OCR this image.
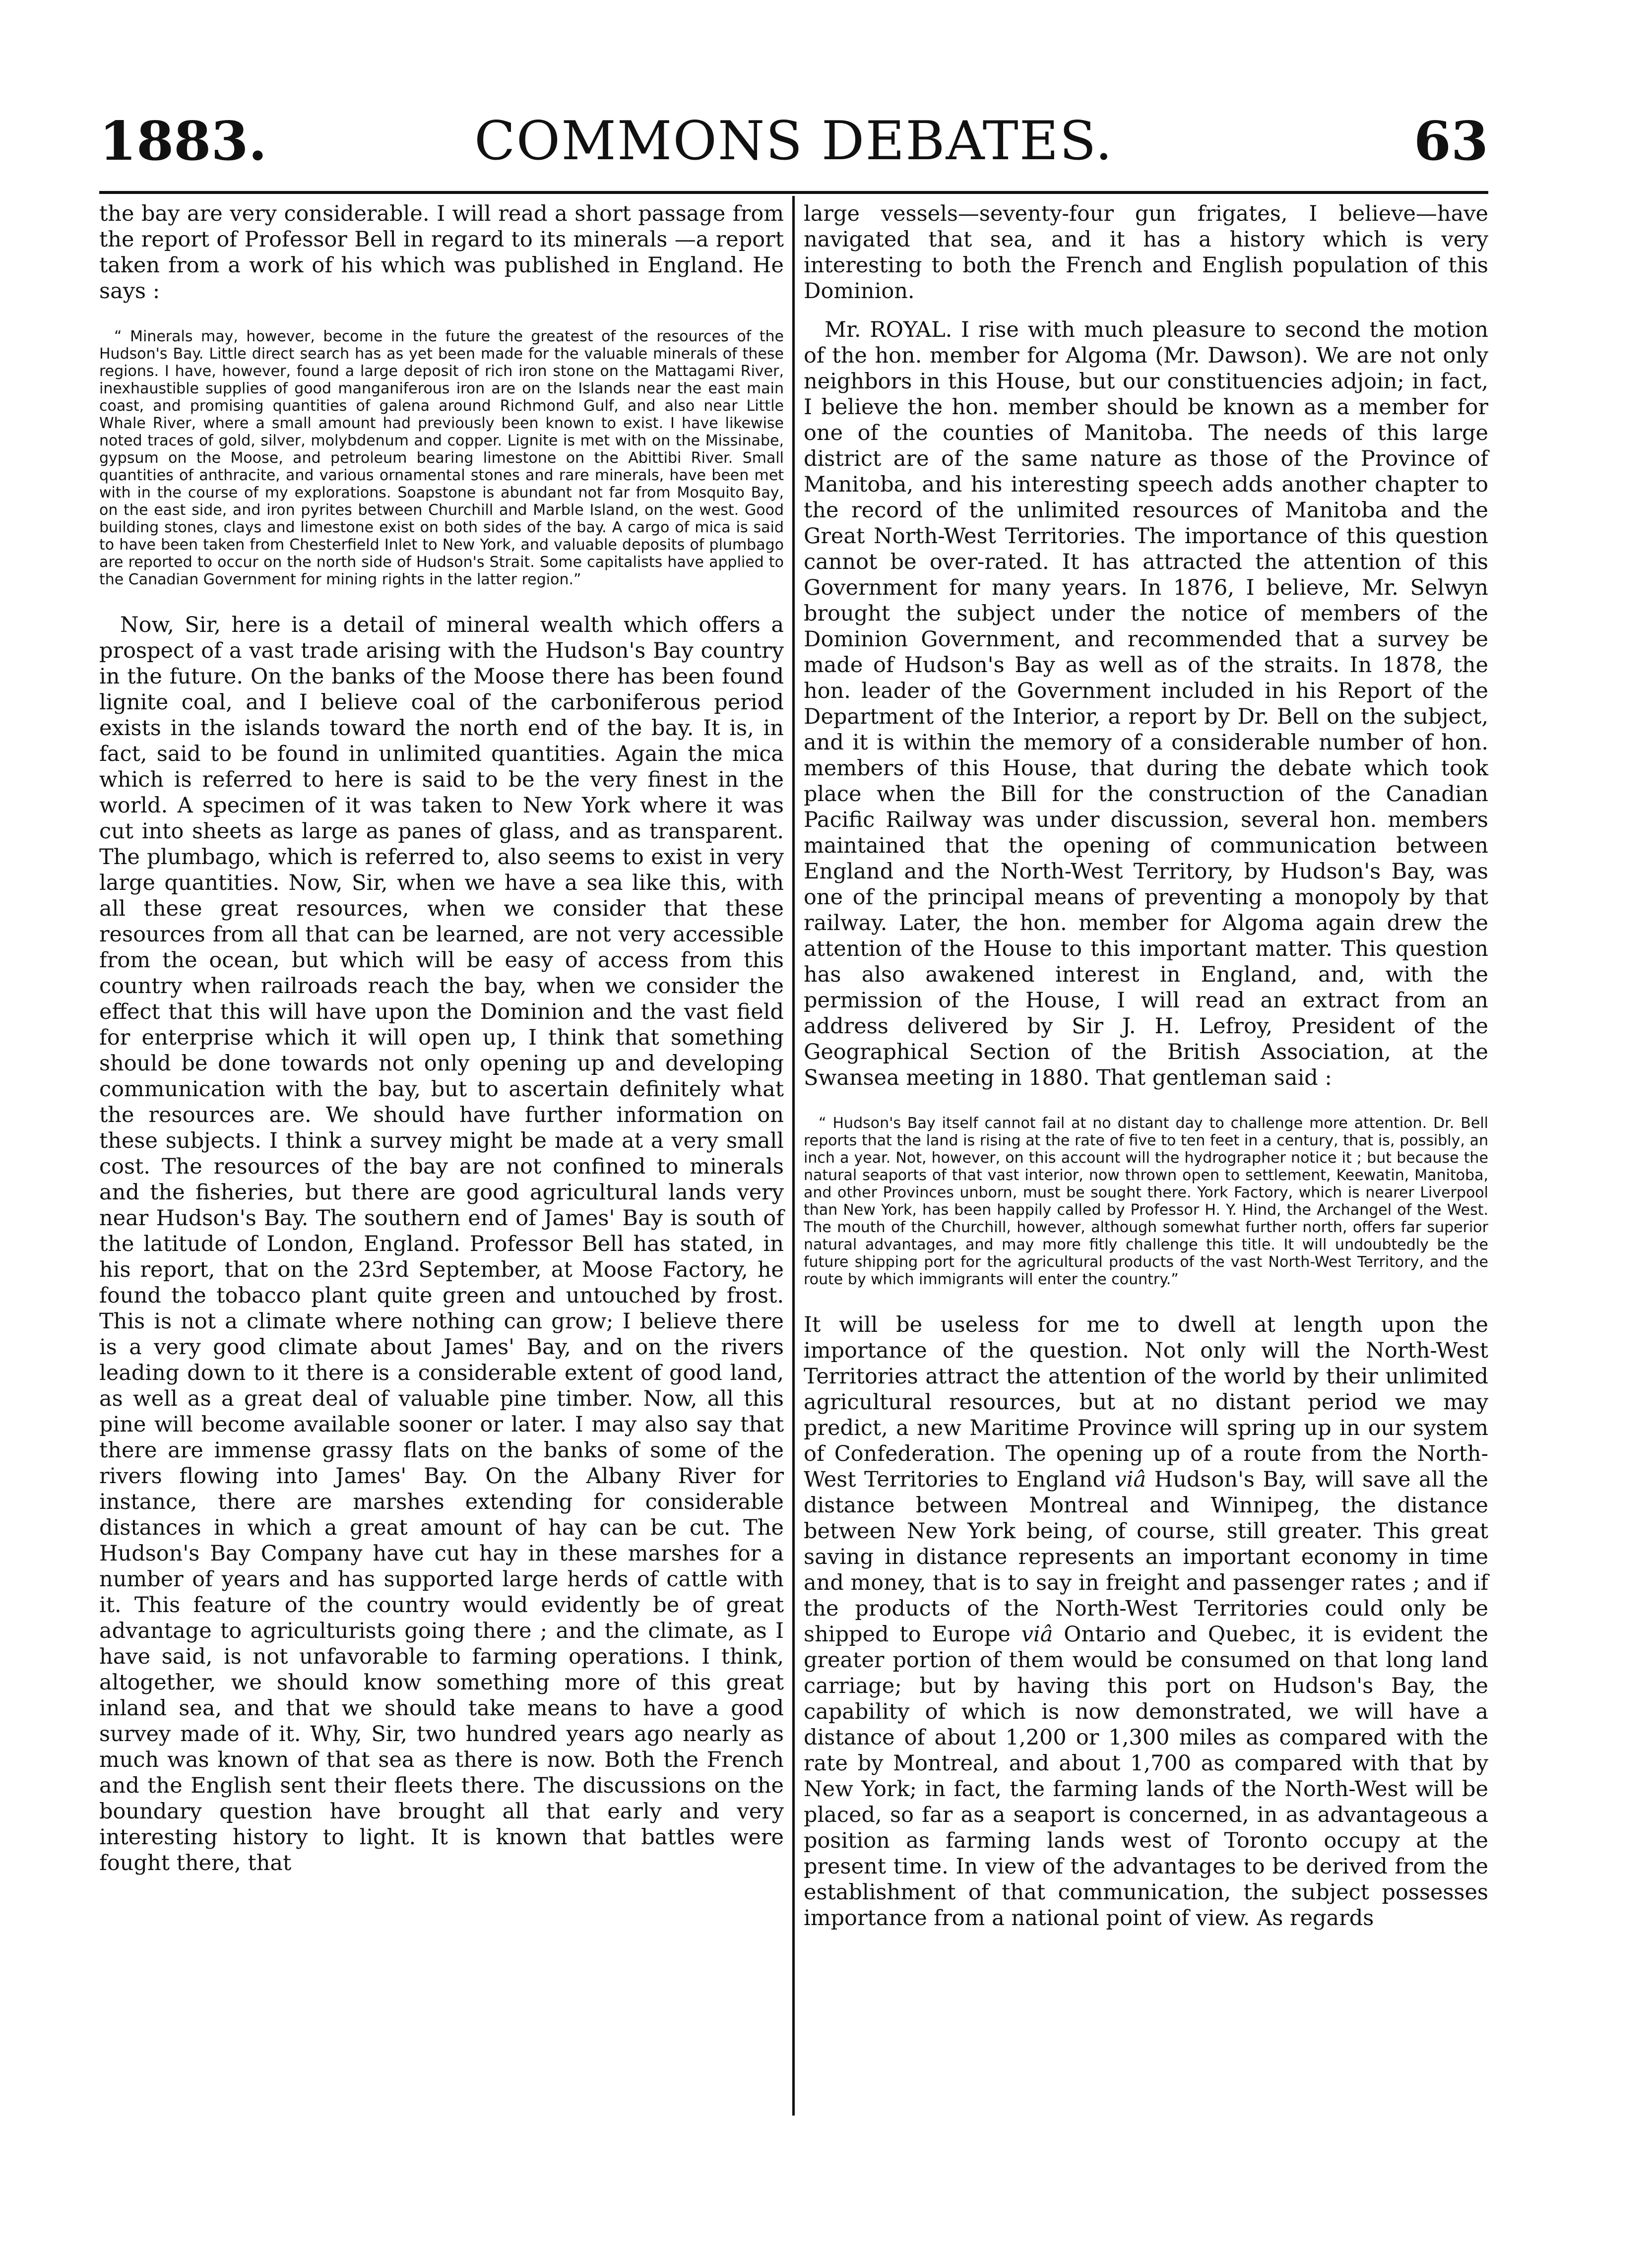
1883.	COMMONS DEBATES.	63

the bay are very considerable. I will read a short passage from the report of Professor Bell in regard to its minerals —a report taken from a work of his which was published in England. He says :

“ Minerals may, however, become in the future the greatest of the resources of the Hudson's Bay. Little direct search has as yet been made for the valuable minerals of these regions. I have, however, found a large deposit of rich iron stone on the Mattagami River, inexhaustible supplies of good manganiferous iron are on the Islands near the east main coast, and promising quantities of galena around Richmond Gulf, and also near Little Whale River, where a small amount had previously been known to exist. I have likewise noted traces of gold, silver, molybdenum and copper. Lignite is met with on the Missinabe, gypsum on the Moose, and petroleum bearing limestone on the Abittibi River. Small quantities of anthracite, and various ornamental stones and rare minerals, have been met with in the course of my explorations. Soapstone is abundant not far from Mosquito Bay, on the east side, and iron pyrites between Churchill and Marble Island, on the west. Good building stones, clays and limestone exist on both sides of the bay. A cargo of mica is said to have been taken from Chesterfield Inlet to New York, and valuable deposits of plumbago are reported to occur on the north side of Hudson's Strait. Some capitalists have applied to the Canadian Government for mining rights in the latter region.”

Now, Sir, here is a detail of mineral wealth which offers a prospect of a vast trade arising with the Hudson's Bay country in the future. On the banks of the Moose there has been found lignite coal, and I believe coal of the carboniferous period exists in the islands toward the north end of the bay. It is, in fact, said to be found in unlimited quantities. Again the mica which is referred to here is said to be the very finest in the world. A specimen of it was taken to New York where it was cut into sheets as large as panes of glass, and as transparent. The plumbago, which is referred to, also seems to exist in very large quantities. Now, Sir, when we have a sea like this, with all these great resources, when we consider that these resources from all that can be learned, are not very accessible from the ocean, but which will be easy of access from this country when railroads reach the bay, when we consider the effect that this will have upon the Dominion and the vast field for enterprise which it will open up, I think that something should be done towards not only opening up and developing communication with the bay, but to ascertain definitely what the resources are. We should have further information on these subjects. I think a survey might be made at a very small cost. The resources of the bay are not confined to minerals and the fisheries, but there are good agricultural lands very near Hudson's Bay. The southern end of James' Bay is south of the latitude of London, England. Professor Bell has stated, in his report, that on the 23rd September, at Moose Factory, he found the tobacco plant quite green and untouched by frost. This is not a climate where nothing can grow; I believe there is a very good climate about James' Bay, and on the rivers leading down to it there is a considerable extent of good land, as well as a great deal of valuable pine timber. Now, all this pine will become available sooner or later. I may also say that there are immense grassy flats on the banks of some of the rivers flowing into James' Bay. On the Albany River for instance, there are marshes extending for considerable distances in which a great amount of hay can be cut. The Hudson's Bay Company have cut hay in these marshes for a number of years and has supported large herds of cattle with it. This feature of the country would evidently be of great advantage to agriculturists going there ; and the climate, as I have said, is not unfavorable to farming operations. I think, altogether, we should know something more of this great inland sea, and that we should take means to have a good survey made of it. Why, Sir, two hundred years ago nearly as much was known of that sea as there is now. Both the French and the English sent their fleets there. The discussions on the boundary question have brought all that early and very interesting history to light. It is known that battles were fought there, that

large vessels—seventy-four gun frigates, I believe—have navigated that sea, and it has a history which is very interesting to both the French and English population of this Dominion.

Mr. ROYAL. I rise with much pleasure to second the motion of the hon. member for Algoma (Mr. Dawson). We are not only neighbors in this House, but our constituencies adjoin; in fact, I believe the hon. member should be known as a member for one of the counties of Manitoba. The needs of this large district are of the same nature as those of the Province of Manitoba, and his interesting speech adds another chapter to the record of the unlimited resources of Manitoba and the Great North-West Territories. The importance of this question cannot be over-rated. It has attracted the attention of this Government for many years. In 1876, I believe, Mr. Selwyn brought the subject under the notice of members of the Dominion Government, and recommended that a survey be made of Hudson's Bay as well as of the straits. In 1878, the hon. leader of the Government included in his Report of the Department of the Interior, a report by Dr. Bell on the subject, and it is within the memory of a considerable number of hon. members of this House, that during the debate which took place when the Bill for the construction of the Canadian Pacific Railway was under discussion, several hon. members maintained that the opening of communication between England and the North-West Territory, by Hudson's Bay, was one of the principal means of preventing a monopoly by that railway. Later, the hon. member for Algoma again drew the attention of the House to this important matter. This question has also awakened interest in England, and, with the permission of the House, I will read an extract from an address delivered by Sir J. H. Lefroy, President of the Geographical Section of the British Association, at the Swansea meeting in 1880. That gentleman said :

“ Hudson's Bay itself cannot fail at no distant day to challenge more attention. Dr. Bell reports that the land is rising at the rate of five to ten feet in a century, that is, possibly, an inch a year. Not, however, on this account will the hydrographer notice it ; but because the natural seaports of that vast interior, now thrown open to settlement, Keewatin, Manitoba, and other Provinces unborn, must be sought there. York Factory, which is nearer Liverpool than New York, has been happily called by Professor H. Y. Hind, the Archangel of the West. The mouth of the Churchill, however, although somewhat further north, offers far superior natural advantages, and may more fitly challenge this title. It will undoubtedly be the future shipping port for the agricultural products of the vast North-West Territory, and the route by which immigrants will enter the country.”

It will be useless for me to dwell at length upon the importance of the question. Not only will the North-West Territories attract the attention of the world by their unlimited agricultural resources, but at no distant period we may predict, a new Maritime Province will spring up in our system of Confederation. The opening up of a route from the North-West Territories to England viâ Hudson's Bay, will save all the distance between Montreal and Winnipeg, the distance between New York being, of course, still greater. This great saving in distance represents an important economy in time and money, that is to say in freight and passenger rates ; and if the products of the North-West Territories could only be shipped to Europe viâ Ontario and Quebec, it is evident the greater portion of them would be consumed on that long land carriage; but by having this port on Hudson's Bay, the capability of which is now demonstrated, we will have a distance of about 1,200 or 1,300 miles as compared with the rate by Montreal, and about 1,700 as compared with that by New York; in fact, the farming lands of the North-West will be placed, so far as a seaport is concerned, in as advantageous a position as farming lands west of Toronto occupy at the present time. In view of the advantages to be derived from the establishment of that communication, the subject possesses importance from a national point of view. As regards
